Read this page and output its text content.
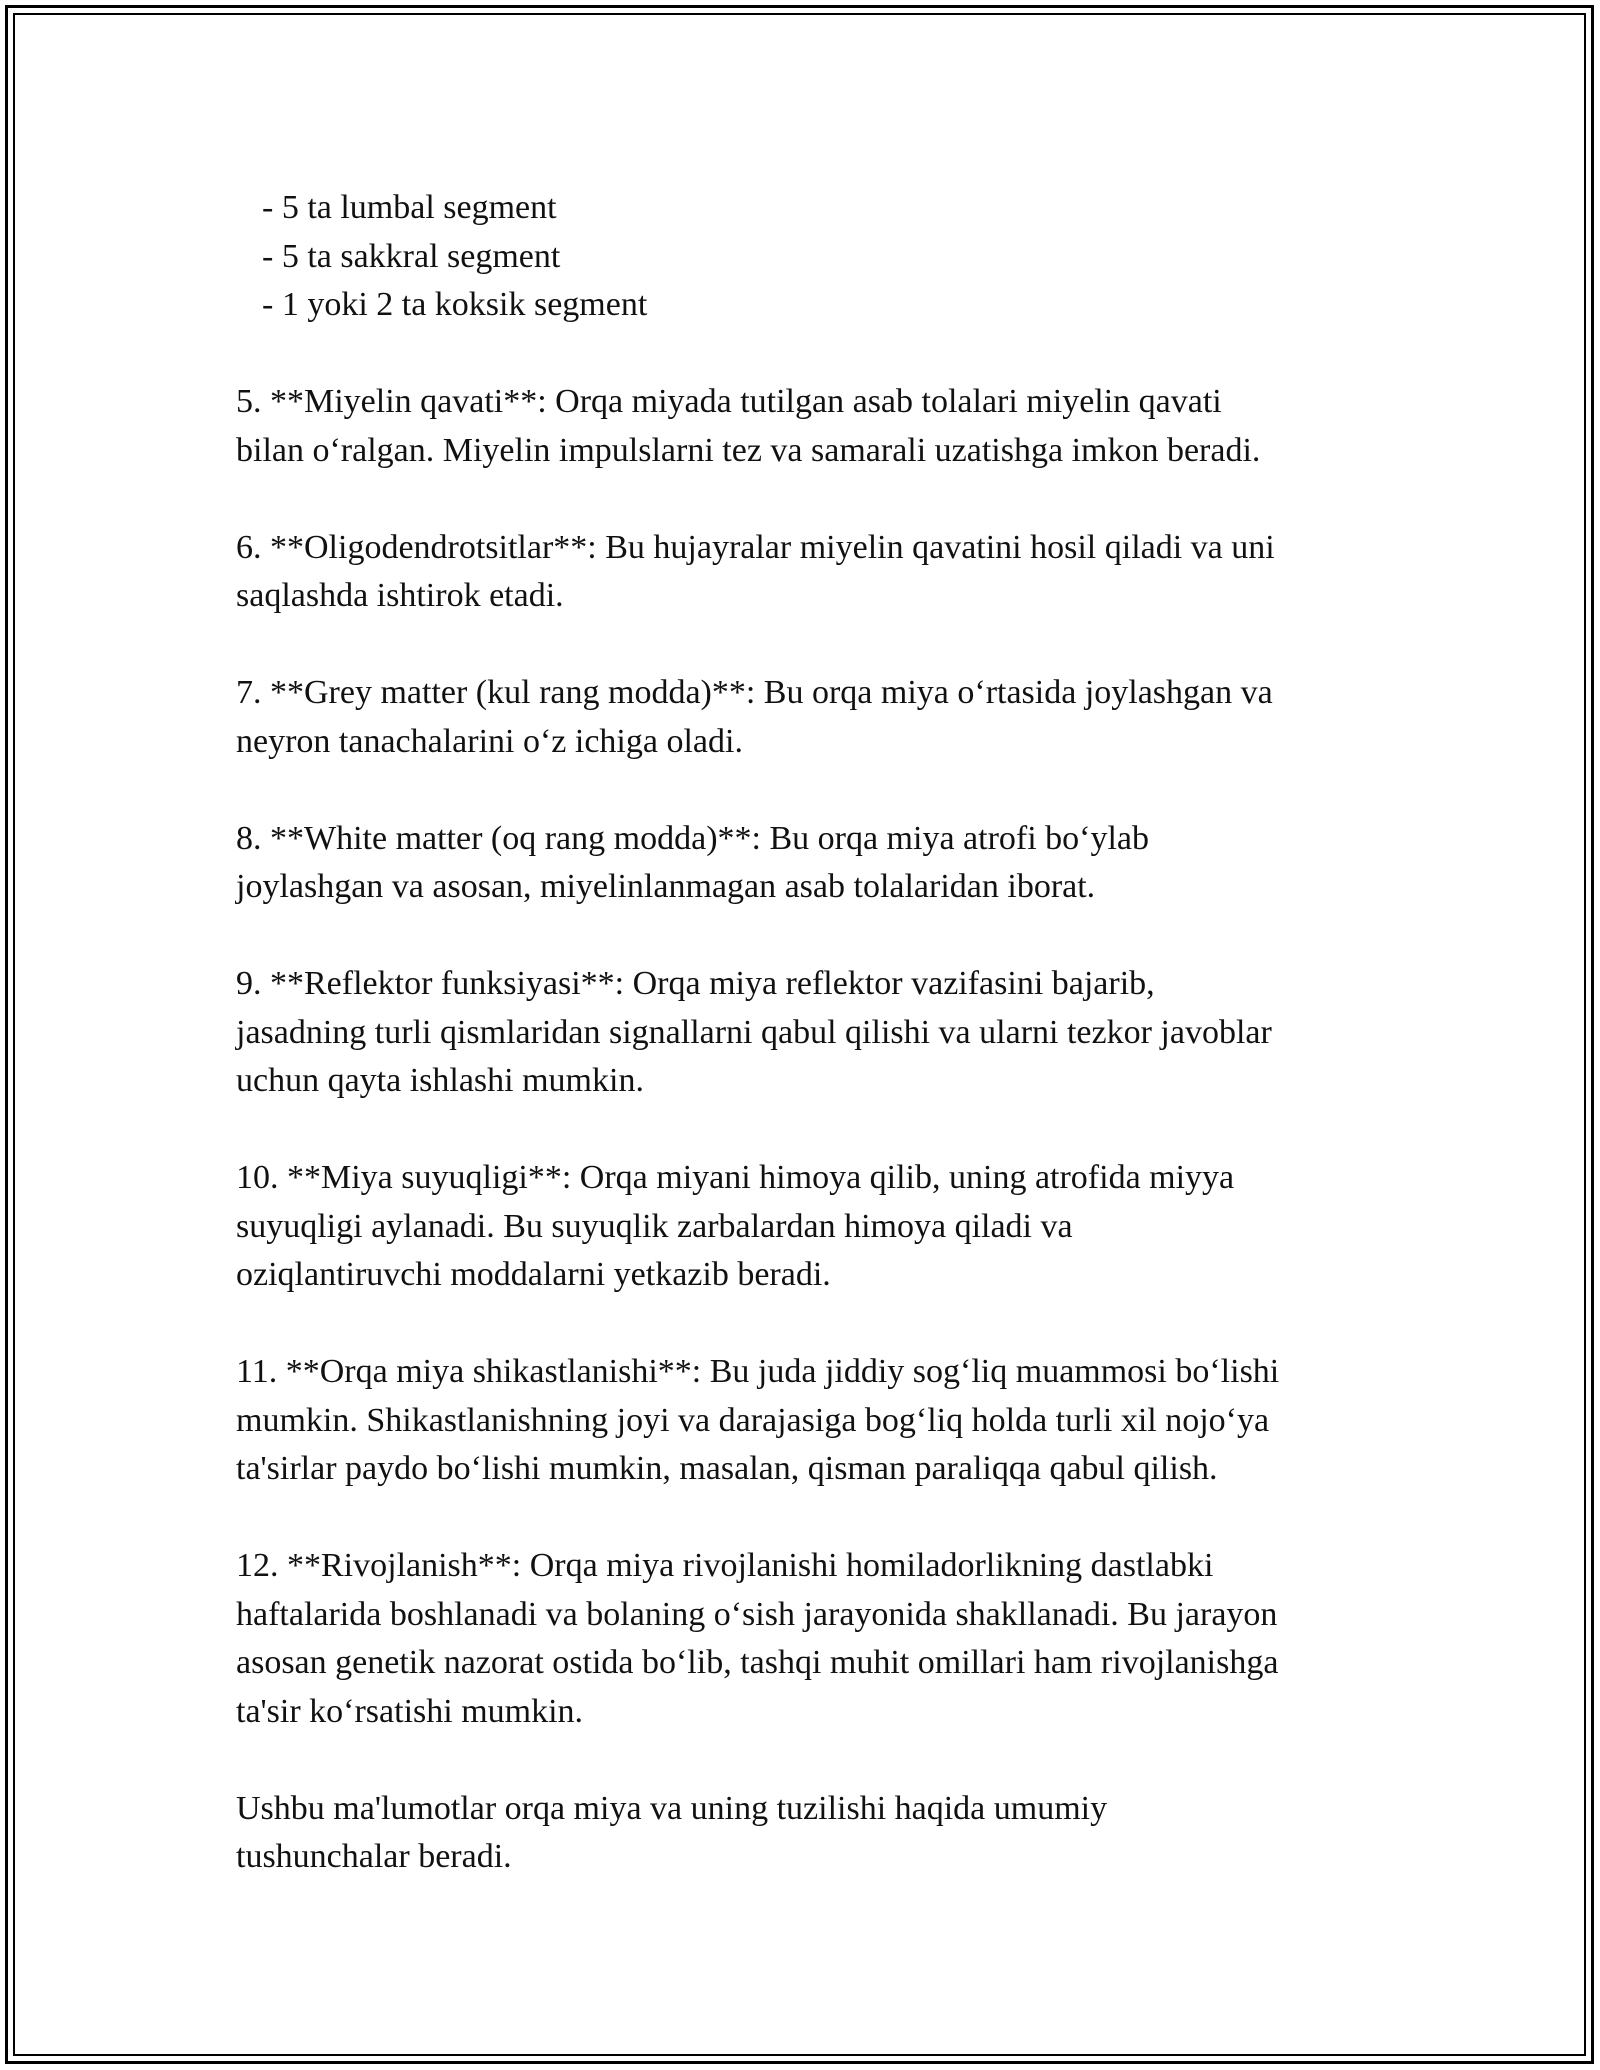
- 5 ta lumbal segment
- 5 ta sakkral segment
- 1 yoki 2 ta koksik segment
5. **Miyelin qavati**: Orqa miyada tutilgan asab tolalari miyelin qavati
bilan o‘ralgan. Miyelin impulslarni tez va samarali uzatishga imkon beradi.
6. **Oligodendrotsitlar**: Bu hujayralar miyelin qavatini hosil qiladi va uni
saqlashda ishtirok etadi.
7. **Grey matter (kul rang modda)**: Bu orqa miya o‘rtasida joylashgan va
neyron tanachalarini o‘z ichiga oladi.
8. **White matter (oq rang modda)**: Bu orqa miya atrofi bo‘ylab
joylashgan va asosan, miyelinlanmagan asab tolalaridan iborat.
9. **Reflektor funksiyasi**: Orqa miya reflektor vazifasini bajarib,
jasadning turli qismlaridan signallarni qabul qilishi va ularni tezkor javoblar
uchun qayta ishlashi mumkin.
10. **Miya suyuqligi**: Orqa miyani himoya qilib, uning atrofida miyya
suyuqligi aylanadi. Bu suyuqlik zarbalardan himoya qiladi va
oziqlantiruvchi moddalarni yetkazib beradi.
11. **Orqa miya shikastlanishi**: Bu juda jiddiy sog‘liq muammosi bo‘lishi
mumkin. Shikastlanishning joyi va darajasiga bog‘liq holda turli xil nojo‘ya
ta'sirlar paydo bo‘lishi mumkin, masalan, qisman paraliqqa qabul qilish.
12. **Rivojlanish**: Orqa miya rivojlanishi homiladorlikning dastlabki
haftalarida boshlanadi va bolaning o‘sish jarayonida shakllanadi. Bu jarayon
asosan genetik nazorat ostida bo‘lib, tashqi muhit omillari ham rivojlanishga
ta'sir ko‘rsatishi mumkin.
Ushbu ma'lumotlar orqa miya va uning tuzilishi haqida umumiy
tushunchalar beradi.
